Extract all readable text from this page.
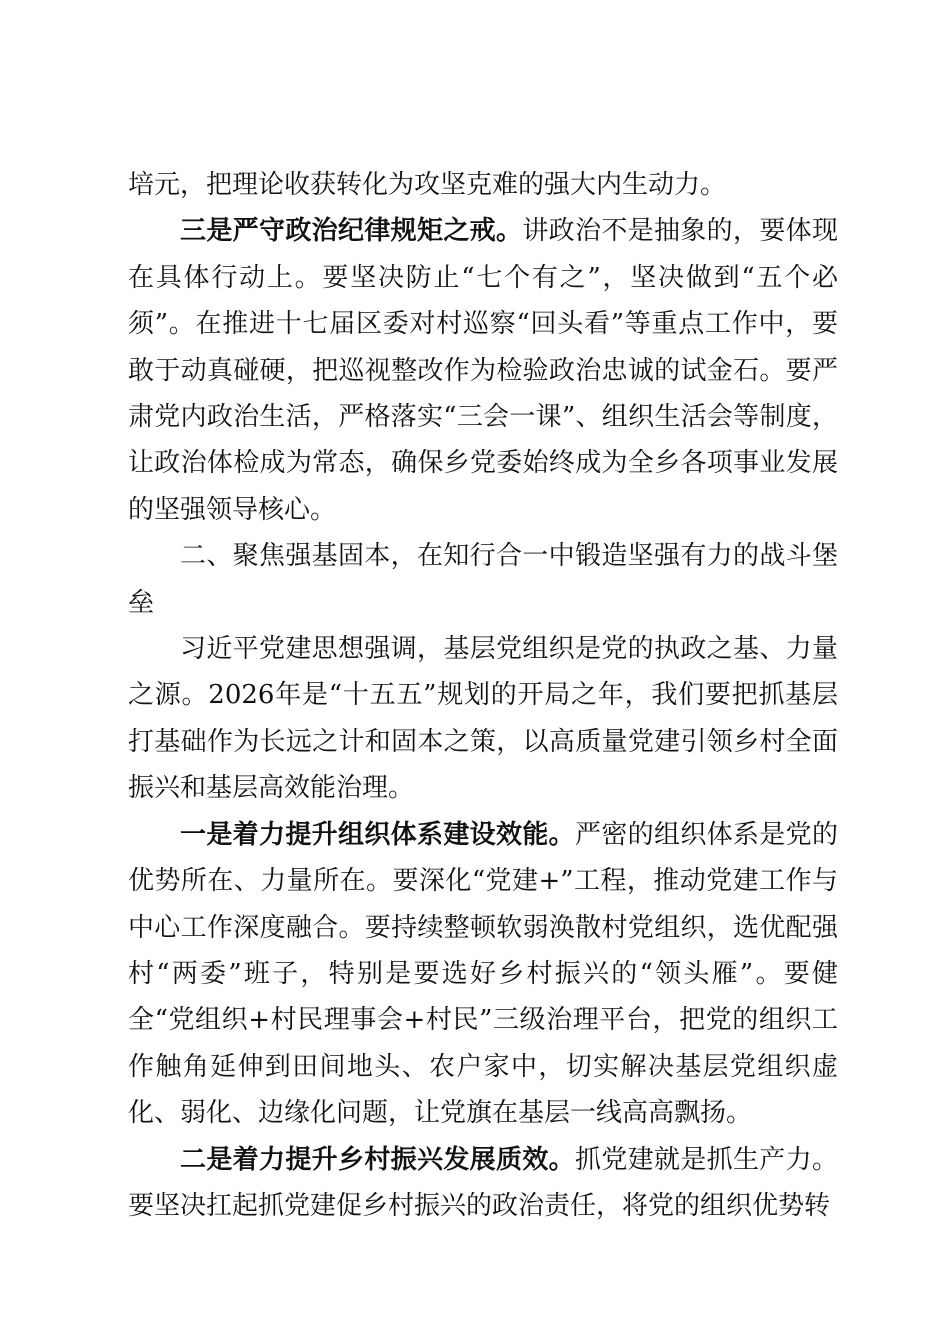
培元，把理论收获转化为攻坚克难的强大内生动力。

三是严守政治纪律规矩之戒。讲政治不是抽象的，要体现在具体行动上。要坚决防止“七个有之”，坚决做到“五个必须”。在推进十七届区委对村巡察“回头看”等重点工作中，要敢于动真碰硬，把巡视整改作为检验政治忠诚的试金石。要严肃党内政治生活，严格落实“三会一课”、组织生活会等制度，让政治体检成为常态，确保乡党委始终成为全乡各项事业发展的坚强领导核心。

二、聚焦强基固本，在知行合一中锻造坚强有力的战斗堡垒

习近平党建思想强调，基层党组织是党的执政之基、力量之源。2026年是“十五五”规划的开局之年，我们要把抓基层打基础作为长远之计和固本之策，以高质量党建引领乡村全面振兴和基层高效能治理。

一是着力提升组织体系建设效能。严密的组织体系是党的优势所在、力量所在。要深化“党建+”工程，推动党建工作与中心工作深度融合。要持续整顿软弱涣散村党组织，选优配强村“两委”班子，特别是要选好乡村振兴的“领头雁”。要健全“党组织+村民理事会+村民”三级治理平台，把党的组织工作触角延伸到田间地头、农户家中，切实解决基层党组织虚化、弱化、边缘化问题，让党旗在基层一线高高飘扬。

二是着力提升乡村振兴发展质效。抓党建就是抓生产力。要坚决扛起抓党建促乡村振兴的政治责任，将党的组织优势转
